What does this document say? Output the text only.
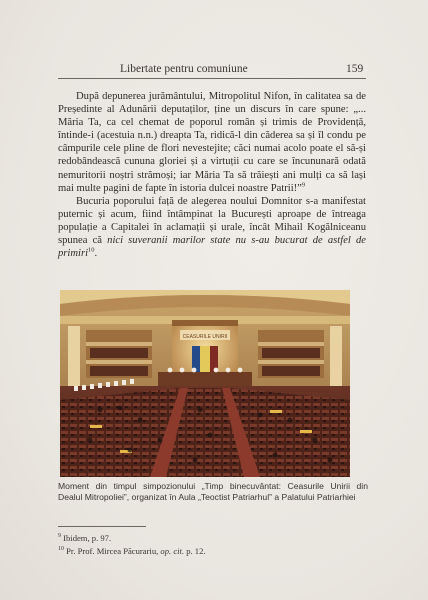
Libertate pentru comuniune	159

După depunerea jurământului, Mitropolitul Nifon, în calitatea sa de Președinte al Adunării deputaților, ține un discurs în care spune: „... Măria Ta, ca cel chemat de poporul român și trimis de Providență, întinde-i (acestuia n.n.) dreapta Ta, ridică-l din căderea sa și îl condu pe câmpurile cele pline de flori nevestejite; căci numai acolo poate el să-și redobândească cununa gloriei și a virtuții cu care se încununară odată nemuritorii noștri strămoși; iar Măria Ta să trăiești ani mulți ca să lași mai multe pagini de fapte în istoria dulcei noastre Patrii!”$^9$

Bucuria poporului față de alegerea noului Domnitor s-a manifestat puternic și acum, fiind întâmpinat la București aproape de întreaga populație a Capitalei în aclamații și urale, încât Mihail Kogălniceanu spunea că nici suveranii marilor state nu s-au bucurat de astfel de primiri$^{10}$.

CEASURILE UNIRII
Moment din timpul simpozionului „Timp binecuvântat: Ceasurile Unirii din
Dealul Mitropoliei”, organizat în Aula „Teoctist Patriarhul” a Palatului Patriarhiei
$^9$ Ibidem, p. 97.
$^{10}$ Pr. Prof. Mircea Păcurariu, op. cit. p. 12.
